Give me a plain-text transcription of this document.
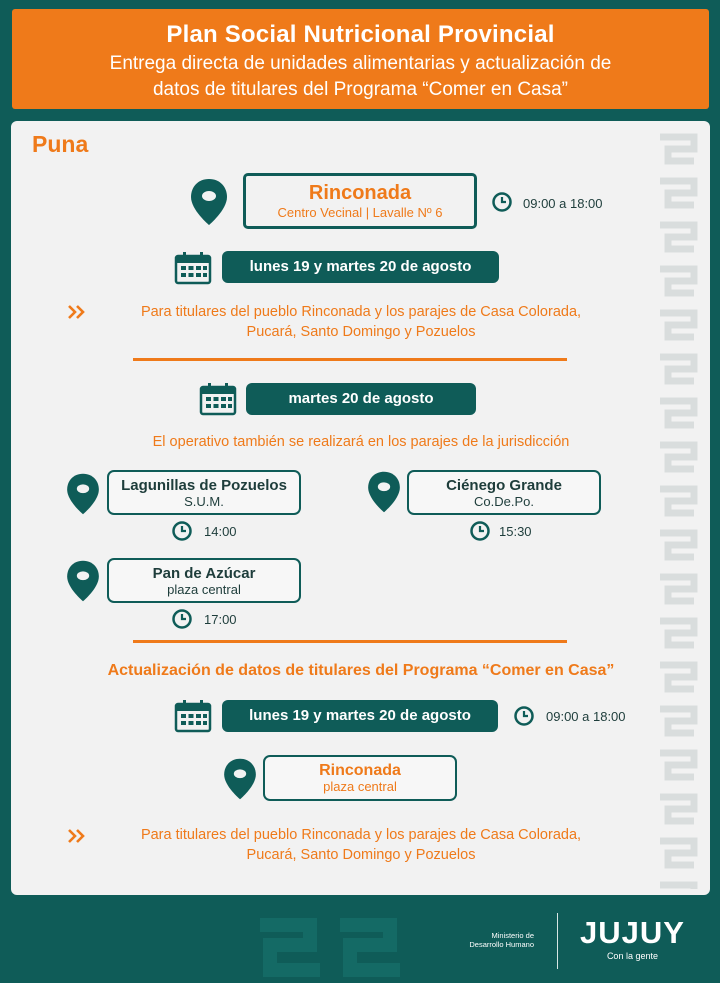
Plan Social Nutricional Provincial

Entrega directa de unidades alimentarias y actualización de

datos de titulares del Programa “Comer en Casa”

Puna
Rinconada
Centro Vecinal | Lavalle Nº 6
09:00 a 18:00
lunes 19 y martes 20 de agosto
Para titulares del pueblo Rinconada y los parajes de Casa Colorada,
Pucará, Santo Domingo y Pozuelos
martes 20 de agosto
El operativo también se realizará en los parajes de la jurisdicción
Lagunillas de Pozuelos
S.U.M.
14:00
Ciénego Grande
Co.De.Po.
15:30
Pan de Azúcar
plaza central
17:00
Actualización de datos de titulares del Programa “Comer en Casa”
lunes 19 y martes 20 de agosto	09:00 a 18:00
Rinconada
plaza central
Para titulares del pueblo Rinconada y los parajes de Casa Colorada,
Pucará, Santo Domingo y Pozuelos
Ministerio de
Desarrollo Humano JUJUY
Con la gente
